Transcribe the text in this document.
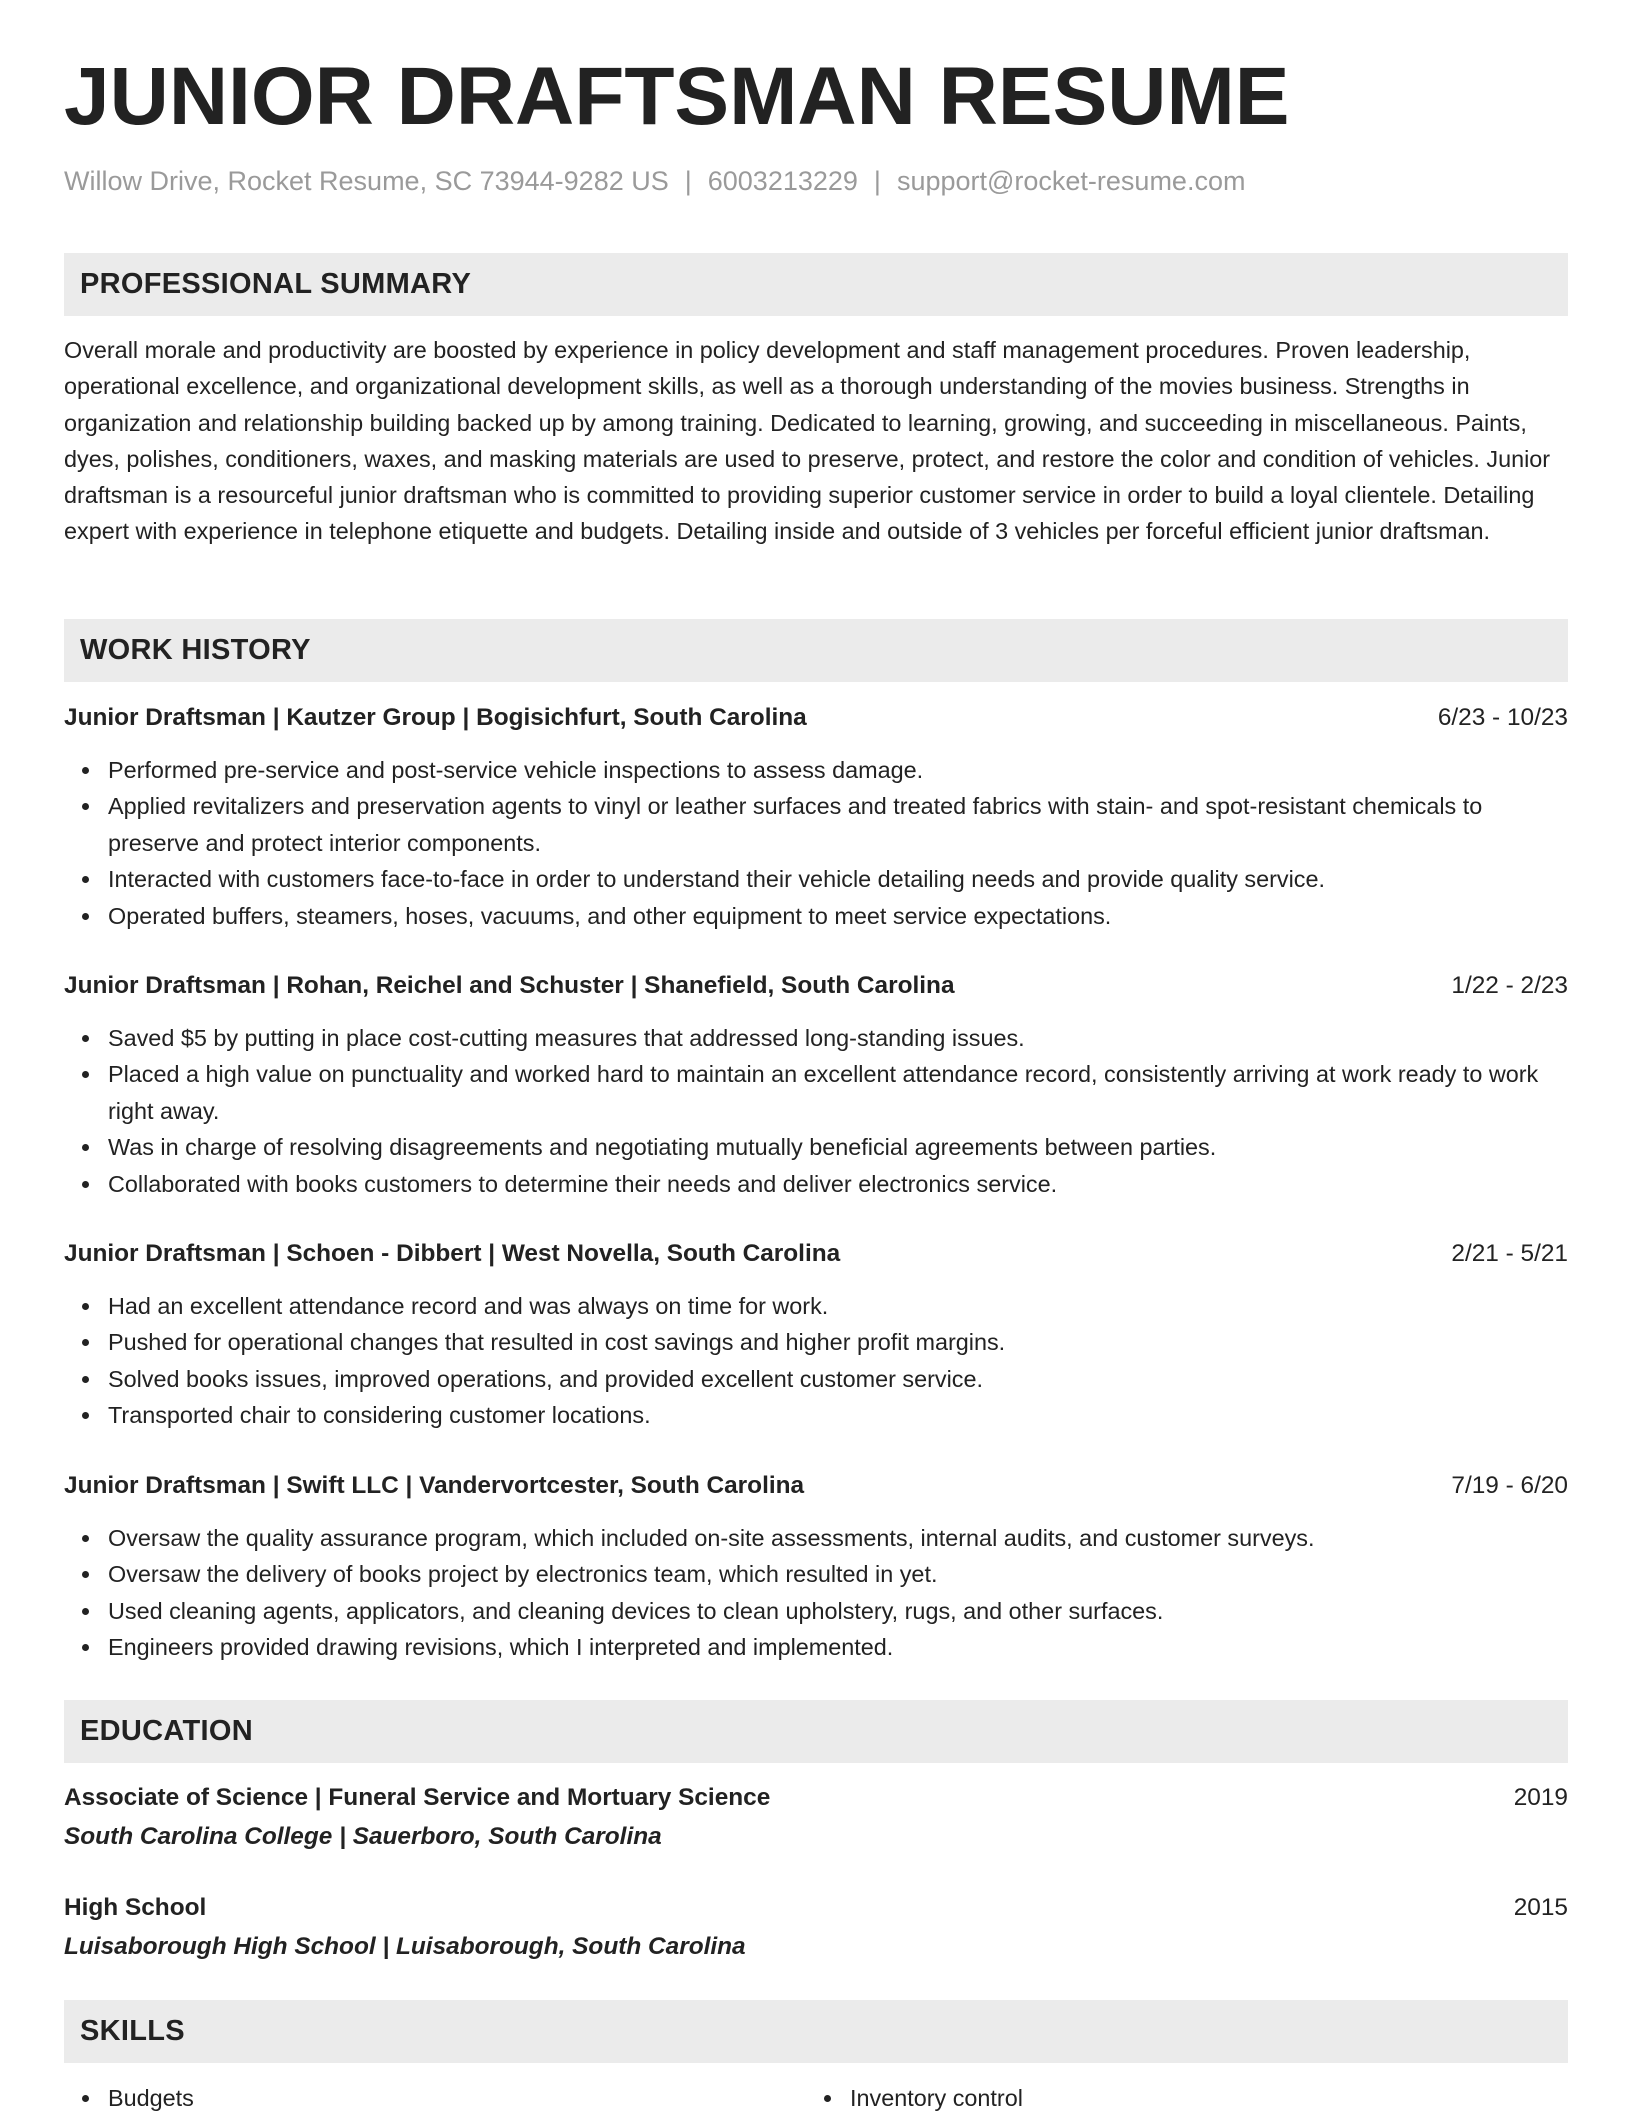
JUNIOR DRAFTSMAN RESUME
Willow Drive, Rocket Resume, SC 73944-9282 US | 6003213229 | support@rocket-resume.com
PROFESSIONAL SUMMARY

Overall morale and productivity are boosted by experience in policy development and staff management procedures. Proven leadership, operational excellence, and organizational development skills, as well as a thorough understanding of the movies business. Strengths in organization and relationship building backed up by among training. Dedicated to learning, growing, and succeeding in miscellaneous. Paints, dyes, polishes, conditioners, waxes, and masking materials are used to preserve, protect, and restore the color and condition of vehicles. Junior draftsman is a resourceful junior draftsman who is committed to providing superior customer service in order to build a loyal clientele. Detailing expert with experience in telephone etiquette and budgets. Detailing inside and outside of 3 vehicles per forceful efficient junior draftsman.

WORK HISTORY
Junior Draftsman | Kautzer Group | Bogisichfurt, South Carolina	6/23 - 10/23
Performed pre-service and post-service vehicle inspections to assess damage.
Applied revitalizers and preservation agents to vinyl or leather surfaces and treated fabrics with stain- and spot-resistant chemicals to preserve and protect interior components.
Interacted with customers face-to-face in order to understand their vehicle detailing needs and provide quality service.
Operated buffers, steamers, hoses, vacuums, and other equipment to meet service expectations.
Junior Draftsman | Rohan, Reichel and Schuster | Shanefield, South Carolina	1/22 - 2/23
Saved $5 by putting in place cost-cutting measures that addressed long-standing issues.
Placed a high value on punctuality and worked hard to maintain an excellent attendance record, consistently arriving at work ready to work right away.
Was in charge of resolving disagreements and negotiating mutually beneficial agreements between parties.
Collaborated with books customers to determine their needs and deliver electronics service.
Junior Draftsman | Schoen - Dibbert | West Novella, South Carolina	2/21 - 5/21
Had an excellent attendance record and was always on time for work.
Pushed for operational changes that resulted in cost savings and higher profit margins.
Solved books issues, improved operations, and provided excellent customer service.
Transported chair to considering customer locations.
Junior Draftsman | Swift LLC | Vandervortcester, South Carolina	7/19 - 6/20
Oversaw the quality assurance program, which included on-site assessments, internal audits, and customer surveys.
Oversaw the delivery of books project by electronics team, which resulted in yet.
Used cleaning agents, applicators, and cleaning devices to clean upholstery, rugs, and other surfaces.
Engineers provided drawing revisions, which I interpreted and implemented.
EDUCATION
Associate of Science | Funeral Service and Mortuary Science	2019
South Carolina College | Sauerboro, South Carolina
High School	2015
Luisaborough High School | Luisaborough, South Carolina
SKILLS
Budgets	Inventory control
